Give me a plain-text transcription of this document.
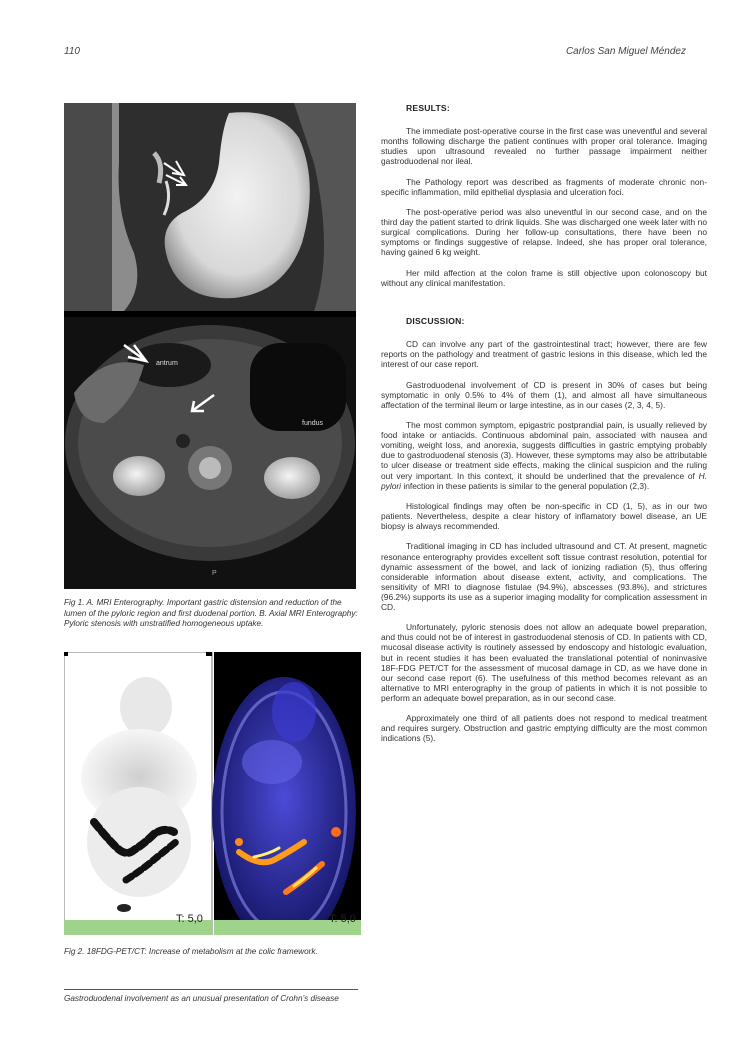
110	Carlos San Miguel Méndez
antrum
fundus
P
Fig 1. A. MRI Enterography. Important gastric distension and reduction of the lumen of the pyloric region and first duodenal portion. B. Axial MRI Enterography: Pyloric stenosis with unstratified homogeneous uptake.
T: 5,0	T: 5,0
Fig 2. 18FDG-PET/CT: Increase of metabolism at the colic framework.
Gastroduodenal involvement as an unusual presentation of Crohn’s disease
RESULTS:

The immediate post-operative course in the first case was uneventful and several months following discharge the patient continues with proper oral tolerance. Imaging studies upon ultrasound revealed no further passage impairment neither gastroduodenal nor ileal.

The Pathology report was described as fragments of moderate chronic non-specific inflammation, mild epithelial dysplasia and ulceration foci.

The post-operative period was also uneventful in our second case, and on the third day the patient started to drink liquids. She was discharged one week later with no surgical complications. During her follow-up consultations, there have been no symptoms or findings suggestive of relapse. Indeed, she has proper oral tolerance, having gained 6 kg weight.

Her mild affection at the colon frame is still objective upon colonoscopy but without any clinical manifestation.

DISCUSSION:

CD can involve any part of the gastrointestinal tract; however, there are few reports on the pathology and treatment of gastric lesions in this disease, which led the interest of our case report.

Gastroduodenal involvement of CD is present in 30% of cases but being symptomatic in only 0.5% to 4% of them (1), and almost all have simultaneous affectation of the terminal ileum or large intestine, as in our cases (2, 3, 4, 5).

The most common symptom, epigastric postprandial pain, is usually relieved by food intake or antiacids. Continuous abdominal pain, associated with nausea and vomiting, weight loss, and anorexia, suggests difficulties in gastric emptying probably due to gastroduodenal stenosis (3). However, these symptoms may also be attributable to ulcer disease or treatment side effects, making the clinical suspicion and the ruling out very important. In this context, it should be underlined that the prevalence of H. pylori infection in these patients is similar to the general population (2,3).

Histological findings may often be non-specific in CD (1, 5), as in our two patients. Nevertheless, despite a clear history of inflamatory bowel disease, an UE biopsy is always recommended.

Traditional imaging in CD has included ultrasound and CT. At present, magnetic resonance enterography provides excellent soft tissue contrast resolution, potential for dynamic assessment of the bowel, and lack of ionizing radiation (5), thus offering considerable information about disease extent, activity, and complications. The sensitivity of MRI to diagnose fistulae (94.9%), abscesses (93.8%), and strictures (96.2%) supports its use as a superior imaging modality for complication assessment in CD.

Unfortunately, pyloric stenosis does not allow an adequate bowel preparation, and thus could not be of interest in gastroduodenal stenosis of CD. In patients with CD, mucosal disease activity is routinely assessed by endoscopy and histologic evaluation, but in recent studies it has been evaluated the translational potential of noninvasive 18F-FDG PET/CT for the assessment of mucosal damage in CD, as we have done in our second case report (6). The usefulness of this method becomes relevant as an alternative to MRI enterography in the group of patients in which it is not possible to perform an adequate bowel preparation, as in our second case.

Approximately one third of all patients does not respond to medical treatment and requires surgery. Obstruction and gastric emptying difficulty are the most common indications (5).
